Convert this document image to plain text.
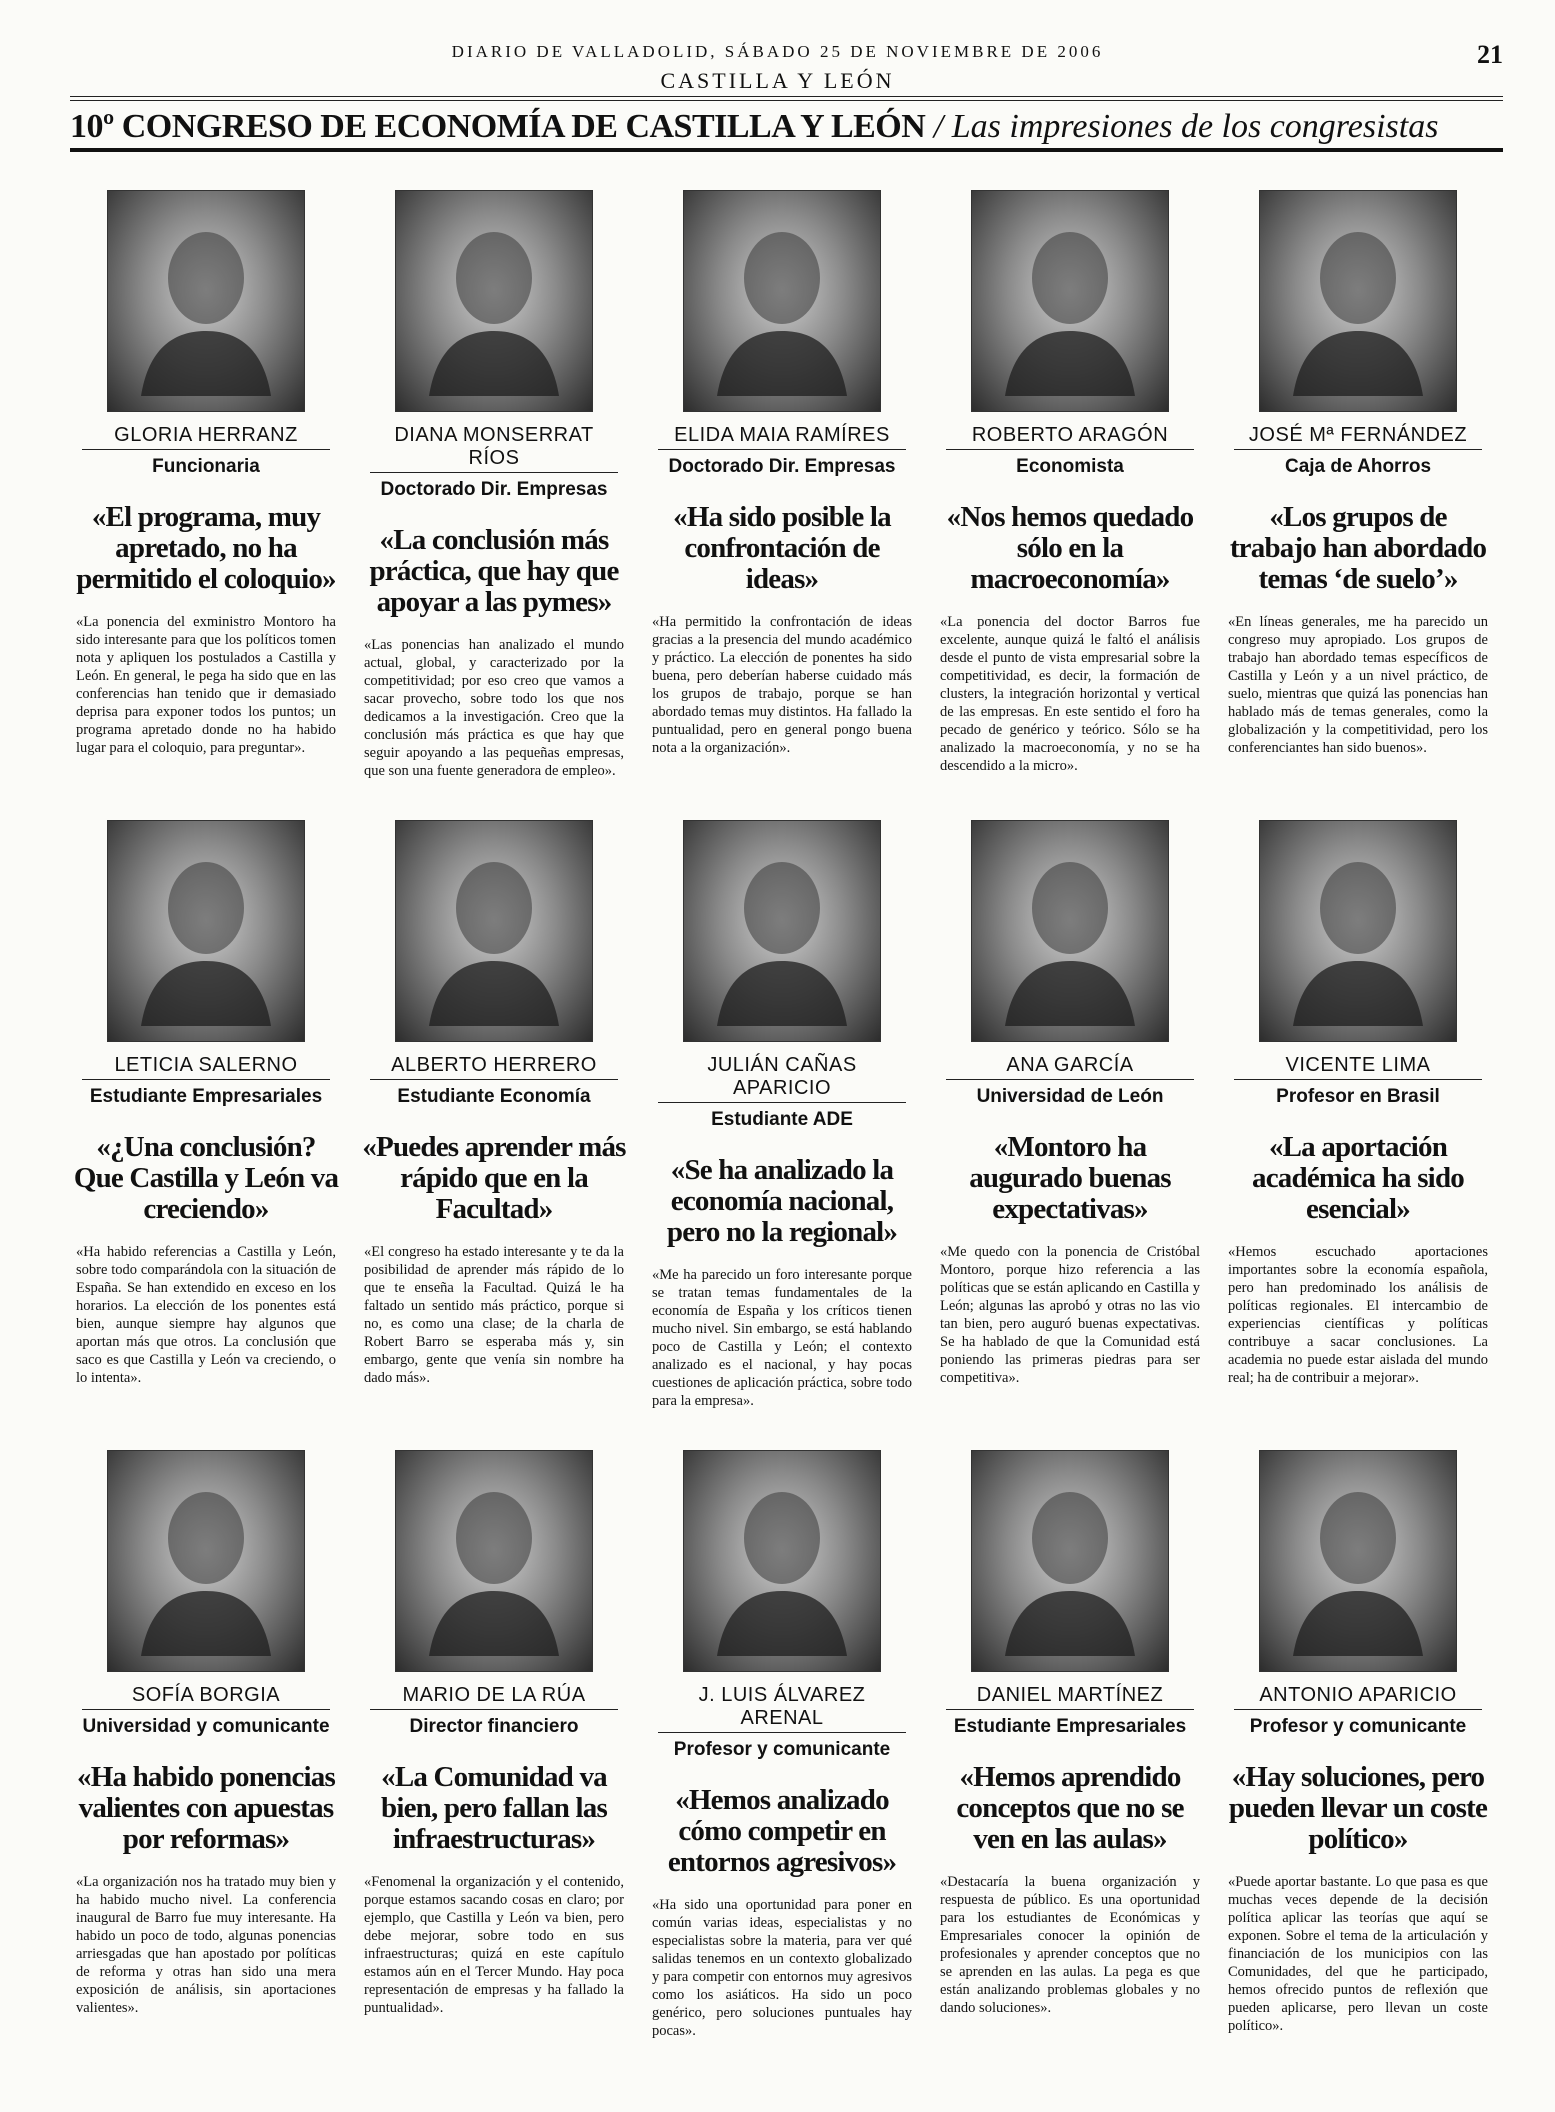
DIARIO DE VALLADOLID, SÁBADO 25 DE NOVIEMBRE DE 2006
CASTILLA Y LEÓN
21
10º CONGRESO DE ECONOMÍA DE CASTILLA Y LEÓN / Las impresiones de los congresistas
GLORIA HERRANZ
Funcionaria
«El programa, muy apretado, no ha permitido el coloquio»
«La ponencia del exministro Montoro ha sido interesante para que los políticos tomen nota y apliquen los postulados a Castilla y León. En general, le pega ha sido que en las conferencias han tenido que ir demasiado deprisa para exponer todos los puntos; un programa apretado donde no ha habido lugar para el coloquio, para preguntar».
DIANA MONSERRAT RÍOS
Doctorado Dir. Empresas
«La conclusión más práctica, que hay que apoyar a las pymes»
«Las ponencias han analizado el mundo actual, global, y caracterizado por la competitividad; por eso creo que vamos a sacar provecho, sobre todo los que nos dedicamos a la investigación. Creo que la conclusión más práctica es que hay que seguir apoyando a las pequeñas empresas, que son una fuente generadora de empleo».
ELIDA MAIA RAMÍRES
Doctorado Dir. Empresas
«Ha sido posible la confrontación de ideas»
«Ha permitido la confrontación de ideas gracias a la presencia del mundo académico y práctico. La elección de ponentes ha sido buena, pero deberían haberse cuidado más los grupos de trabajo, porque se han abordado temas muy distintos. Ha fallado la puntualidad, pero en general pongo buena nota a la organización».
ROBERTO ARAGÓN
Economista
«Nos hemos quedado sólo en la macroeconomía»
«La ponencia del doctor Barros fue excelente, aunque quizá le faltó el análisis desde el punto de vista empresarial sobre la competitividad, es decir, la formación de clusters, la integración horizontal y vertical de las empresas. En este sentido el foro ha pecado de genérico y teórico. Sólo se ha analizado la macroeconomía, y no se ha descendido a la micro».
JOSÉ Mª FERNÁNDEZ
Caja de Ahorros
«Los grupos de trabajo han abordado temas ‘de suelo’»
«En líneas generales, me ha parecido un congreso muy apropiado. Los grupos de trabajo han abordado temas específicos de Castilla y León y a un nivel práctico, de suelo, mientras que quizá las ponencias han hablado más de temas generales, como la globalización y la competitividad, pero los conferenciantes han sido buenos».
LETICIA SALERNO
Estudiante Empresariales
«¿Una conclusión? Que Castilla y León va creciendo»
«Ha habido referencias a Castilla y León, sobre todo comparándola con la situación de España. Se han extendido en exceso en los horarios. La elección de los ponentes está bien, aunque siempre hay algunos que aportan más que otros. La conclusión que saco es que Castilla y León va creciendo, o lo intenta».
ALBERTO HERRERO
Estudiante Economía
«Puedes aprender más rápido que en la Facultad»
«El congreso ha estado interesante y te da la posibilidad de aprender más rápido de lo que te enseña la Facultad. Quizá le ha faltado un sentido más práctico, porque si no, es como una clase; de la charla de Robert Barro se esperaba más y, sin embargo, gente que venía sin nombre ha dado más».
JULIÁN CAÑAS APARICIO
Estudiante ADE
«Se ha analizado la economía nacional, pero no la regional»
«Me ha parecido un foro interesante porque se tratan temas fundamentales de la economía de España y los críticos tienen mucho nivel. Sin embargo, se está hablando poco de Castilla y León; el contexto analizado es el nacional, y hay pocas cuestiones de aplicación práctica, sobre todo para la empresa».
ANA GARCÍA
Universidad de León
«Montoro ha augurado buenas expectativas»
«Me quedo con la ponencia de Cristóbal Montoro, porque hizo referencia a las políticas que se están aplicando en Castilla y León; algunas las aprobó y otras no las vio tan bien, pero auguró buenas expectativas. Se ha hablado de que la Comunidad está poniendo las primeras piedras para ser competitiva».
VICENTE LIMA
Profesor en Brasil
«La aportación académica ha sido esencial»
«Hemos escuchado aportaciones importantes sobre la economía española, pero han predominado los análisis de políticas regionales. El intercambio de experiencias científicas y políticas contribuye a sacar conclusiones. La academia no puede estar aislada del mundo real; ha de contribuir a mejorar».
SOFÍA BORGIA
Universidad y comunicante
«Ha habido ponencias valientes con apuestas por reformas»
«La organización nos ha tratado muy bien y ha habido mucho nivel. La conferencia inaugural de Barro fue muy interesante. Ha habido un poco de todo, algunas ponencias arriesgadas que han apostado por políticas de reforma y otras han sido una mera exposición de análisis, sin aportaciones valientes».
MARIO DE LA RÚA
Director financiero
«La Comunidad va bien, pero fallan las infraestructuras»
«Fenomenal la organización y el contenido, porque estamos sacando cosas en claro; por ejemplo, que Castilla y León va bien, pero debe mejorar, sobre todo en sus infraestructuras; quizá en este capítulo estamos aún en el Tercer Mundo. Hay poca representación de empresas y ha fallado la puntualidad».
J. LUIS ÁLVAREZ ARENAL
Profesor y comunicante
«Hemos analizado cómo competir en entornos agresivos»
«Ha sido una oportunidad para poner en común varias ideas, especialistas y no especialistas sobre la materia, para ver qué salidas tenemos en un contexto globalizado y para competir con entornos muy agresivos como los asiáticos. Ha sido un poco genérico, pero soluciones puntuales hay pocas».
DANIEL MARTÍNEZ
Estudiante Empresariales
«Hemos aprendido conceptos que no se ven en las aulas»
«Destacaría la buena organización y respuesta de público. Es una oportunidad para los estudiantes de Económicas y Empresariales conocer la opinión de profesionales y aprender conceptos que no se aprenden en las aulas. La pega es que están analizando problemas globales y no dando soluciones».
ANTONIO APARICIO
Profesor y comunicante
«Hay soluciones, pero pueden llevar un coste político»
«Puede aportar bastante. Lo que pasa es que muchas veces depende de la decisión política aplicar las teorías que aquí se exponen. Sobre el tema de la articulación y financiación de los municipios con las Comunidades, del que he participado, hemos ofrecido puntos de reflexión que pueden aplicarse, pero llevan un coste político».
